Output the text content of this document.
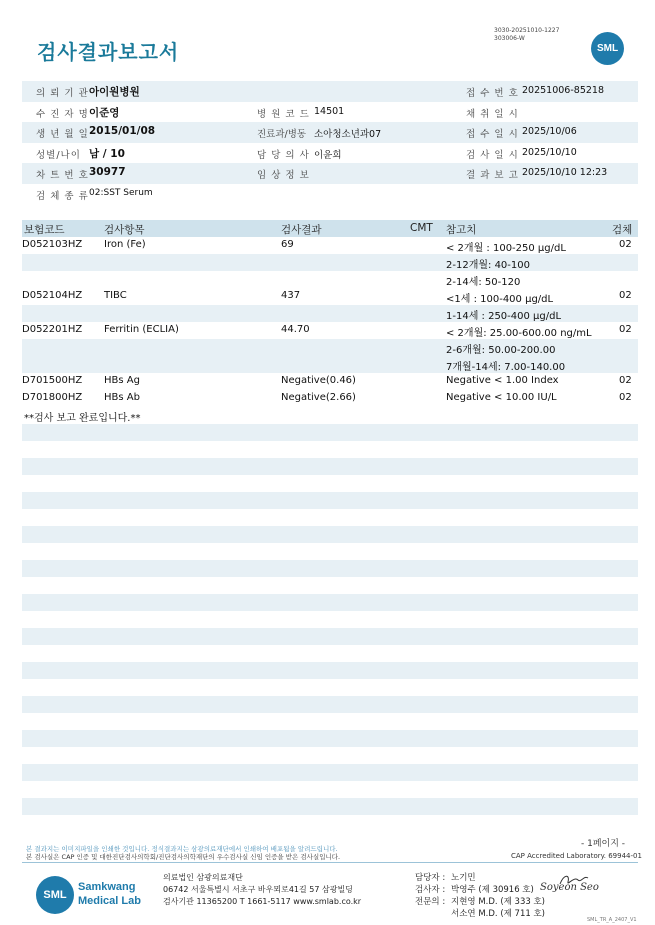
검사결과보고서
3030-20251010-1227
303006-W
SML
의 뢰 기 관 아이원병원	접 수 번 호 20251006-85218
수 진 자 명 이준영	병 원 코 드 14501	채 취 일 시
생 년 월 일 2015/01/08	진료과/병동 소아청소년과07	접 수 일 시 2025/10/06
성별/나이 남 / 10	담 당 의 사 이윤희	검 사 일 시 2025/10/10
차 트 번 호 30977	임 상 정 보	결 과 보 고 2025/10/10 12:23
검 체 종 류 02:SST Serum
보험코드	검사항목	검사결과	CMT 참고치	검체
D052103HZ Iron (Fe)	69	< 2개월 : 100-250 μg/dL	02
2-12개월: 40-100
2-14세: 50-120
D052104HZ TIBC	437	<1세 : 100-400 μg/dL	02
1-14세 : 250-400 μg/dL
D052201HZ Ferritin (ECLIA)	44.70	< 2개월: 25.00-600.00 ng/mL	02
2-6개월: 50.00-200.00
7개월-14세: 7.00-140.00
D701500HZ HBs Ag	Negative(0.46)	Negative < 1.00 Index	02
D701800HZ HBs Ab	Negative(2.66)	Negative < 10.00 IU/L	02
**검사 보고 완료입니다.**
- 1페이지 -
본 결과지는 이미지파일을 인쇄한 것입니다. 정식결과지는 삼광의료재단에서 인쇄하여 배포됨을 알려드립니다.
본 검사실은 CAP 인증 및 대한진단검사의학회/진단검사의학재단의 우수검사실 신임 인증을 받은 검사실입니다.	CAP Accredited Laboratory. 69944-01
SML
Samkwang
Medical Lab
의료법인 삼광의료재단
06742 서울특별시 서초구 바우뫼로41길 57 삼광빌딩
검사기관 11365200 T 1661-5117 www.smlab.co.kr
담당자 : 노기민
검사자 : 박영주 (제 30916 호)
전문의 : 지현영 M.D. (제 333 호)
서소연 M.D. (제 711 호)
Soyeon Seo
SML_TR_A_2407_V1
